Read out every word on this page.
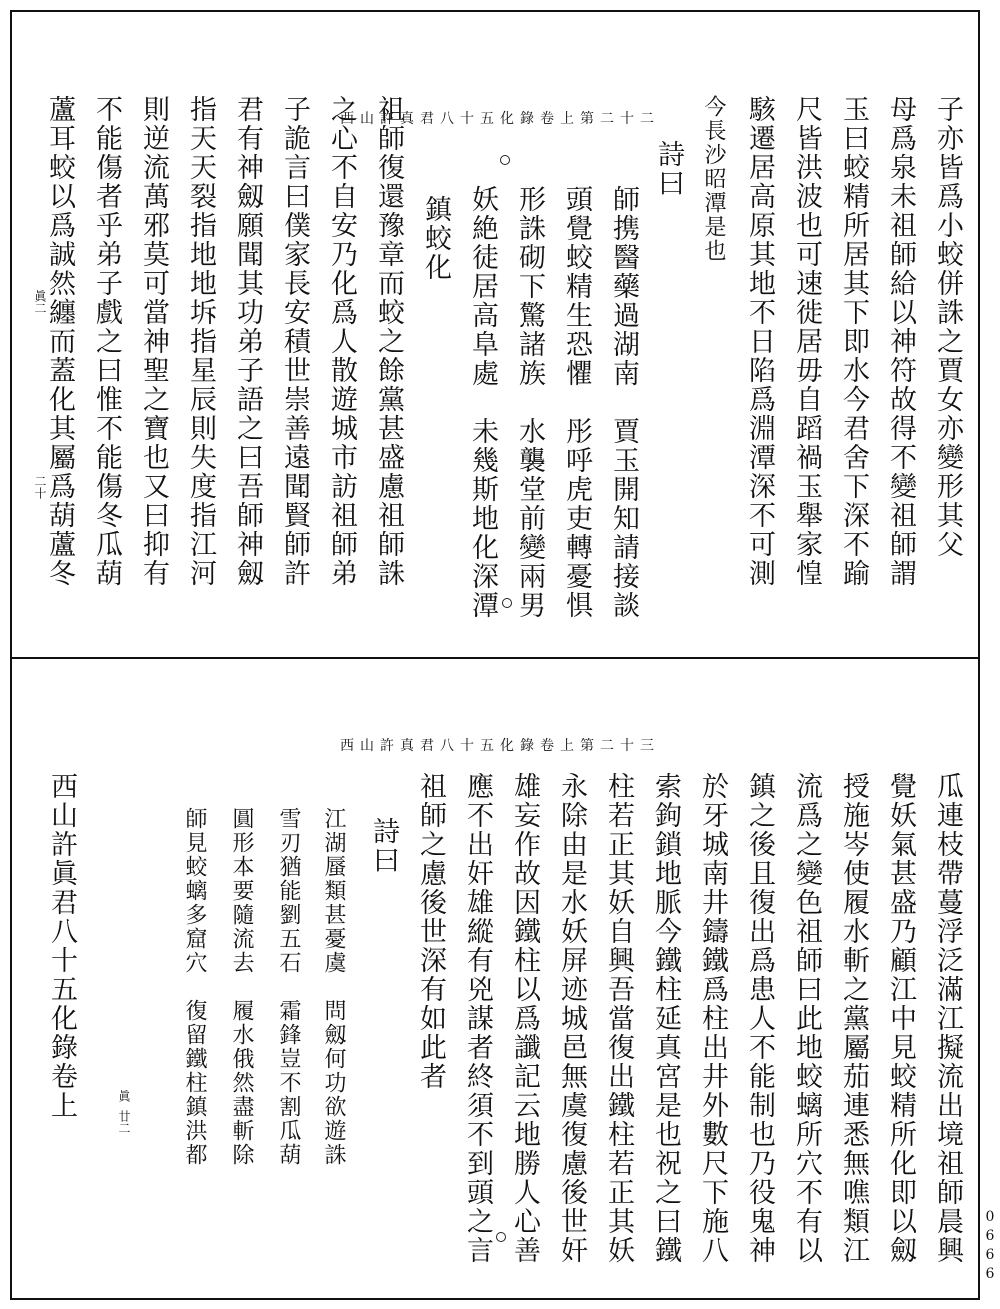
西山許真君八十五化錄卷上第二十二
西山許真君八十五化錄卷上第二十三
子亦皆爲小蛟併誅之賈女亦變形其父
母爲泉未祖師給以神符故得不變祖師謂
玉曰蛟精所居其下即水今君舍下深不踰
尺皆洪波也可速徙居毋自蹈禍玉舉家惶
駭遷居高原其地不日陷爲淵潭深不可測
今長沙昭潭是也
詩曰
師携醫藥過湖南　賈玉開知請接談
頭覺蛟精生恐懼　彤呼虎吏轉憂惧
形誅砌下驚諸族　水襲堂前變兩男
妖絶徒居高阜處　未幾斯地化深潭
鎮蛟化
祖師復還豫章而蛟之餘黨甚盛慮祖師誅
之心不自安乃化爲人散遊城市訪祖師弟
子詭言曰僕家長安積世崇善遠聞賢師許
君有神劔願聞其功弟子語之曰吾師神劔
指天天裂指地地坼指星辰則失度指江河
則逆流萬邪莫可當神聖之寶也又曰抑有
不能傷者乎弟子戲之曰惟不能傷冬瓜葫
蘆耳蛟以爲誠然纏而蓋化其屬爲葫蘆冬
眞二
二十
瓜連枝帶蔓浮泛滿江擬流出境祖師晨興
覺妖氣甚盛乃顧江中見蛟精所化即以劔
授施岑使履水斬之黨屬茄連悉無噍類江
流爲之變色祖師曰此地蛟螭所穴不有以
鎮之後且復出爲患人不能制也乃役鬼神
於牙城南井鑄鐵爲柱出井外數尺下施八
索鉤鎖地脈今鐵柱延真宮是也祝之曰鐵
柱若正其妖自興吾當復出鐵柱若正其妖
永除由是水妖屏迹城邑無虞復慮後世奸
雄妄作故因鐵柱以爲讖記云地勝人心善
應不出奸雄縱有兇謀者終須不到頭之言
祖師之慮後世深有如此者
詩曰
江湖蜃類甚憂虞　問劔何功欲遊誅
雪刃猶能劉五石　霜鋒豈不割瓜葫
圓形本要隨流去　履水俄然盡斬除
師見蛟螭多窟穴　復留鐵柱鎮洪都
西山許眞君八十五化錄卷上	眞
廿二
0666
